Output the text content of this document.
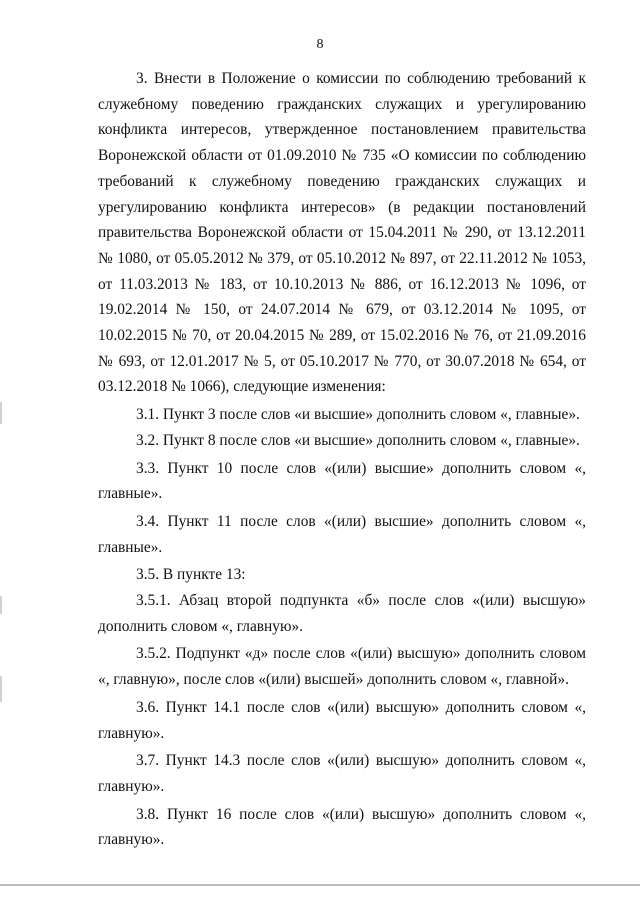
8

3. Внести в Положение о комиссии по соблюдению требований к служебному поведению гражданских служащих и урегулированию конфликта интересов, утвержденное постановлением правительства Воронежской области от 01.09.2010 № 735 «О комиссии по соблюдению требований к служебному поведению гражданских служащих и урегулированию конфликта интересов» (в редакции постановлений правительства Воронежской области от 15.04.2011 № 290, от 13.12.2011 № 1080, от 05.05.2012 № 379, от 05.10.2012 № 897, от 22.11.2012 № 1053, от 11.03.2013 № 183, от 10.10.2013 № 886, от 16.12.2013 № 1096, от 19.02.2014 № 150, от 24.07.2014 № 679, от 03.12.2014 № 1095, от 10.02.2015 № 70, от 20.04.2015 № 289, от 15.02.2016 № 76, от 21.09.2016 № 693, от 12.01.2017 № 5, от 05.10.2017 № 770, от 30.07.2018 № 654, от 03.12.2018 № 1066), следующие изменения:

3.1. Пункт 3 после слов «и высшие» дополнить словом «, главные».

3.2. Пункт 8 после слов «и высшие» дополнить словом «, главные».

3.3. Пункт 10 после слов «(или) высшие» дополнить словом «, главные».

3.4. Пункт 11 после слов «(или) высшие» дополнить словом «, главные».

3.5. В пункте 13:

3.5.1. Абзац второй подпункта «б» после слов «(или) высшую» дополнить словом «, главную».

3.5.2. Подпункт «д» после слов «(или) высшую» дополнить словом «, главную», после слов «(или) высшей» дополнить словом «, главной».

3.6. Пункт 14.1 после слов «(или) высшую» дополнить словом «, главную».

3.7. Пункт 14.3 после слов «(или) высшую» дополнить словом «, главную».

3.8. Пункт 16 после слов «(или) высшую» дополнить словом «, главную».
